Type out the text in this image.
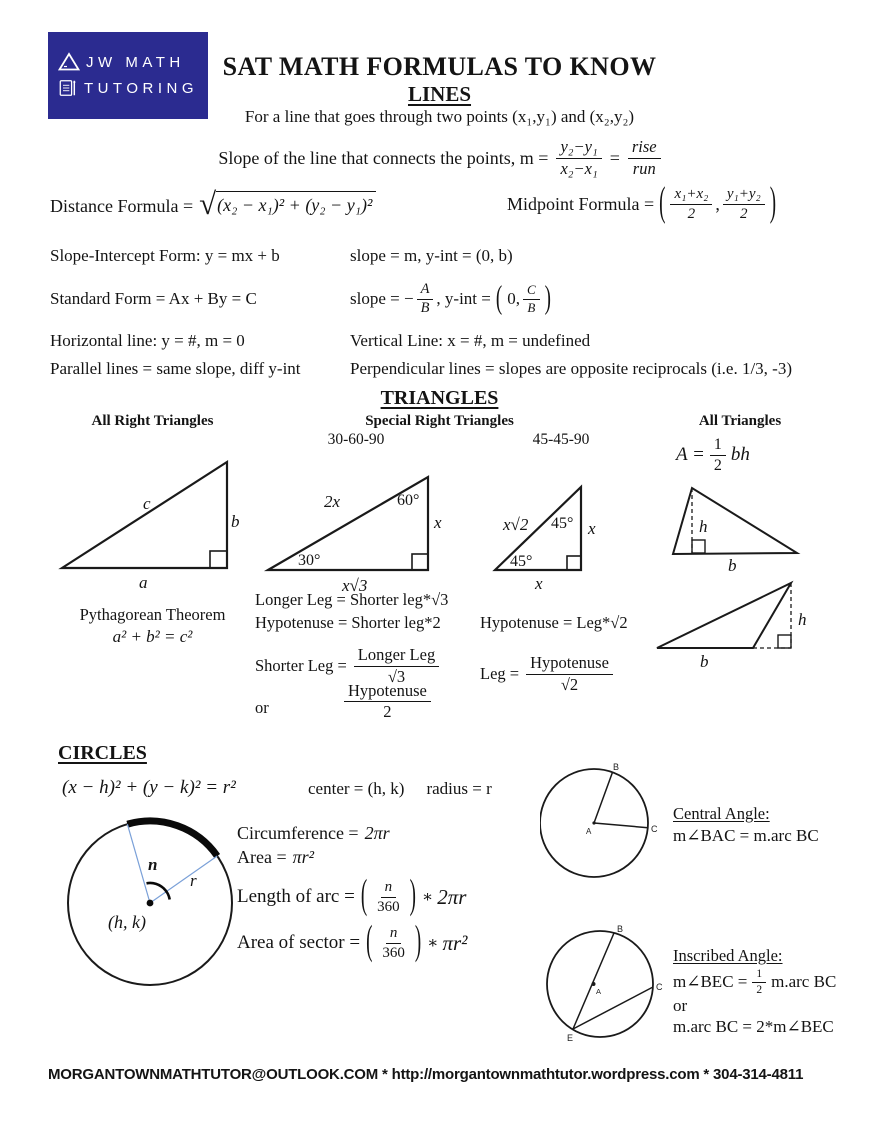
JW MATH
TUTORING
SAT MATH FORMULAS TO KNOW
LINES
For a line that goes through two points (x₁,y₁) and (x₂,y₂)
Slope of the line that connects the points, $m = \frac{\text{y₂−y₁}}{\text{x₂−x₁}} = \frac{\text{rise}}{\text{run}}$
Distance Formula = √ (x₂ − x₁)² + (y₂ − y₁)²	Midpoint Formula = ( $\frac{\text{x₁+x₂}}{2}$ , $\frac{\text{y₁+y₂}}{2}$ )
Slope-Intercept Form: y = mx + b	slope = m, y-int = (0, b)
Standard Form = Ax + By = C	slope = − $\frac{A}{B}$ , y-int = ( 0, $\frac{C}{B}$ )
Horizontal line: y = #, m = 0	Vertical Line: x = #, m = undefined
Parallel lines = same slope, diff y-int	Perpendicular lines = slopes are opposite reciprocals (i.e. 1/3, -3)
TRIANGLES
All Right Triangles	Special Right Triangles	All Triangles
30-60-90	45-45-90
$A = \frac{1}{2}$ bh
c
b
a
2x	60°
x
30°
x√3
x√2 45° x
45°
x
h
b
h
b
Pythagorean Theorem
a² + b² = c²
Longer Leg = Shorter leg*√3
Hypotenuse = Shorter leg*2
Shorter Leg = $\frac{\text{Longer Leg}}{√3}$
or
Hypotenuse
2
Hypotenuse = Leg*√2
Leg = $\frac{\text{Hypotenuse}}{√2}$
CIRCLES
(x − h)² + (y − k)² = r²	center = (h, k) radius = r
n
r
(h, k)
Circumference = 2πr
Area = πr²
Length of arc = ( $\frac{n}{360}$ ) ∗ 2πr
Area of sector = ( $\frac{n}{360}$ ) ∗ πr²
B
C
A
Central Angle:
m∠BAC = m.arc BC
B
C
E
A
Inscribed Angle:
m∠BEC = $\frac{1}{2} m.arc$ BC
or
m.arc BC = 2*m∠BEC
MORGANTOWNMATHTUTOR@OUTLOOK.COM * http://morgantownmathtutor.wordpress.com * 304-314-4811
